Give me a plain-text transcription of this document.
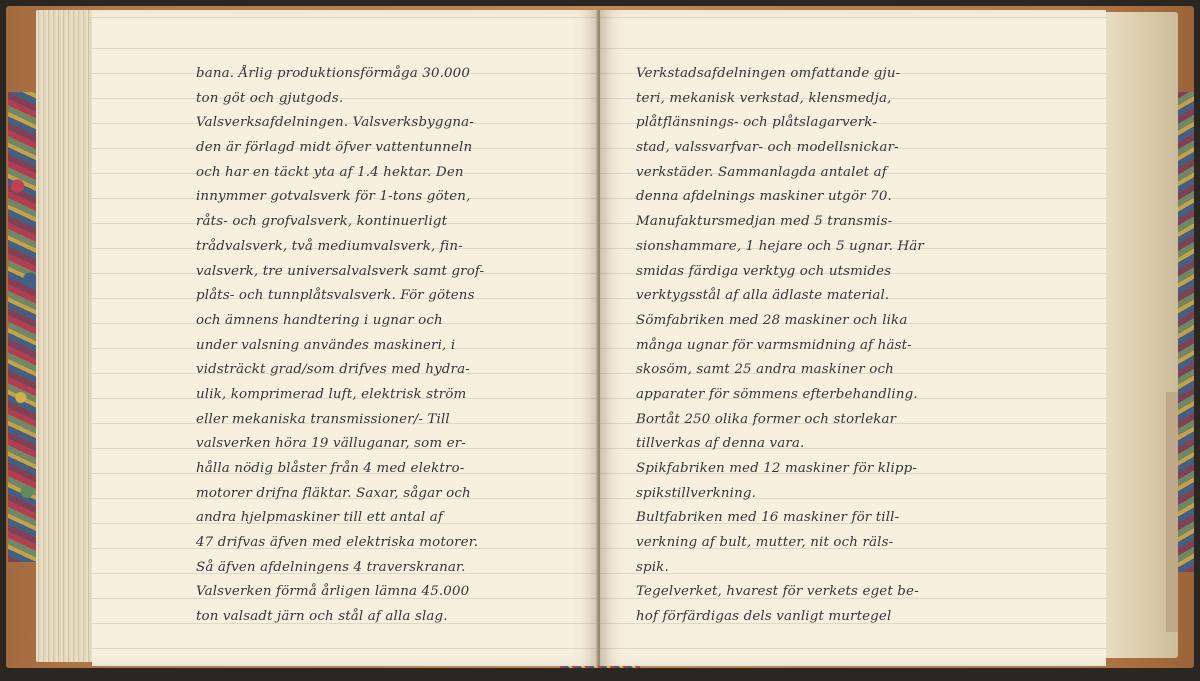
bana. Årlig produktionsförmåga 30.000
ton göt och gjutgods.
Valsverksafdelningen. Valsverksbyggna-
den är förlagd midt öfver vattentunneln
och har en täckt yta af 1.4 hektar. Den
innymmer gotvalsverk för 1-tons göten,
råts- och grofvalsverk, kontinuerligt
trådvalsverk, två mediumvalsverk, fin-
valsverk, tre universalvalsverk samt grof-
plåts- och tunnplåtsvalsverk. För götens
och ämnens handtering i ugnar och
under valsning användes maskineri, i
vidsträckt grad/som drifves med hydra-
ulik, komprimerad luft, elektrisk ström
eller mekaniska transmissioner/- Till
valsverken höra 19 välluganar, som er-
hålla nödig blåster från 4 med elektro-
motorer drifna fläktar. Saxar, sågar och
andra hjelpmaskiner till ett antal af
47 drifvas äfven med elektriska motorer.
Så äfven afdelningens 4 traverskranar.
Valsverken förmå årligen lämna 45.000
ton valsadt järn och stål af alla slag.
Verkstadsafdelningen omfattande gju-
teri, mekanisk verkstad, klensmedja,
plåtflänsnings- och plåtslagarverk-
stad, valssvarfvar- och modellsnickar-
verkstäder. Sammanlagda antalet af
denna afdelnings maskiner utgör 70.
Manufaktursmedjan med 5 transmis-
sionshammare, 1 hejare och 5 ugnar. Här
smidas färdiga verktyg och utsmides
verktygsstål af alla ädlaste material.
Sömfabriken med 28 maskiner och lika
många ugnar för varmsmidning af häst-
skosöm, samt 25 andra maskiner och
apparater för sömmens efterbehandling.
Bortåt 250 olika former och storlekar
tillverkas af denna vara.
Spikfabriken med 12 maskiner för klipp-
spikstillverkning.
Bultfabriken med 16 maskiner för till-
verkning af bult, mutter, nit och räls-
spik.
Tegelverket, hvarest för verkets eget be-
hof förfärdigas dels vanligt murtegel
